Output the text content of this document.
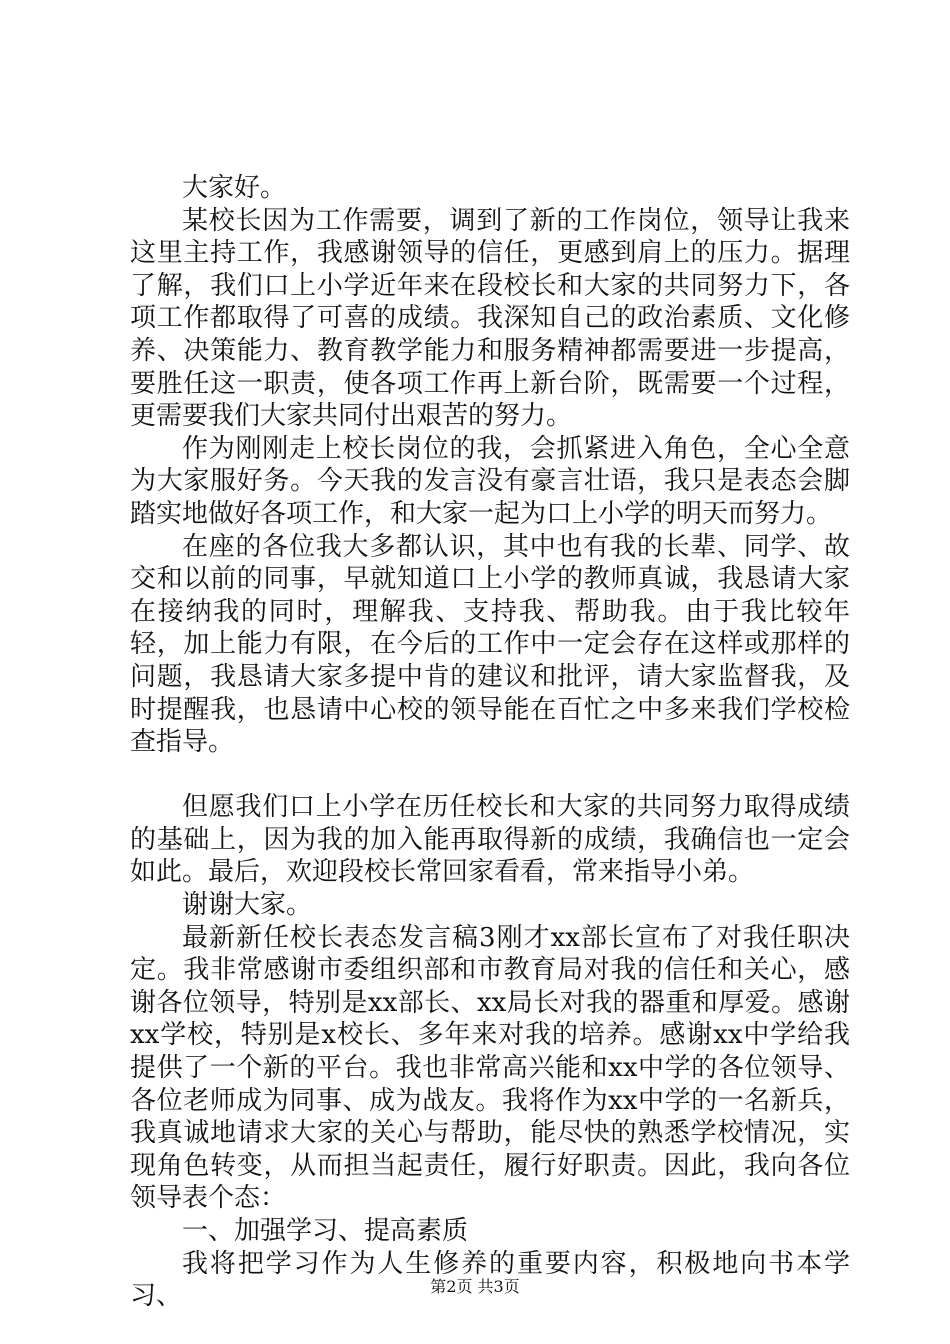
大家好。

某校长因为工作需要，调到了新的工作岗位，领导让我来这里主持工作，我感谢领导的信任，更感到肩上的压力。据理了解，我们口上小学近年来在段校长和大家的共同努力下，各项工作都取得了可喜的成绩。我深知自己的政治素质、文化修养、决策能力、教育教学能力和服务精神都需要进一步提高，要胜任这一职责，使各项工作再上新台阶，既需要一个过程，更需要我们大家共同付出艰苦的努力。

作为刚刚走上校长岗位的我，会抓紧进入角色，全心全意为大家服好务。今天我的发言没有豪言壮语，我只是表态会脚踏实地做好各项工作，和大家一起为口上小学的明天而努力。

在座的各位我大多都认识，其中也有我的长辈、同学、故交和以前的同事，早就知道口上小学的教师真诚，我恳请大家在接纳我的同时，理解我、支持我、帮助我。由于我比较年轻，加上能力有限，在今后的工作中一定会存在这样或那样的问题，我恳请大家多提中肯的建议和批评，请大家监督我，及时提醒我，也恳请中心校的领导能在百忙之中多来我们学校检查指导。

但愿我们口上小学在历任校长和大家的共同努力取得成绩的基础上，因为我的加入能再取得新的成绩，我确信也一定会如此。最后，欢迎段校长常回家看看，常来指导小弟。

谢谢大家。

最新新任校长表态发言稿3刚才xx部长宣布了对我任职决定。我非常感谢市委组织部和市教育局对我的信任和关心，感谢各位领导，特别是xx部长、xx局长对我的器重和厚爱。感谢xx学校，特别是x校长、多年来对我的培养。感谢xx中学给我提供了一个新的平台。我也非常高兴能和xx中学的各位领导、各位老师成为同事、成为战友。我将作为xx中学的一名新兵，我真诚地请求大家的关心与帮助，能尽快的熟悉学校情况，实现角色转变，从而担当起责任，履行好职责。因此，我向各位领导表个态：

一、加强学习、提高素质

我将把学习作为人生修养的重要内容，积极地向书本学习、	第2页 共3页
